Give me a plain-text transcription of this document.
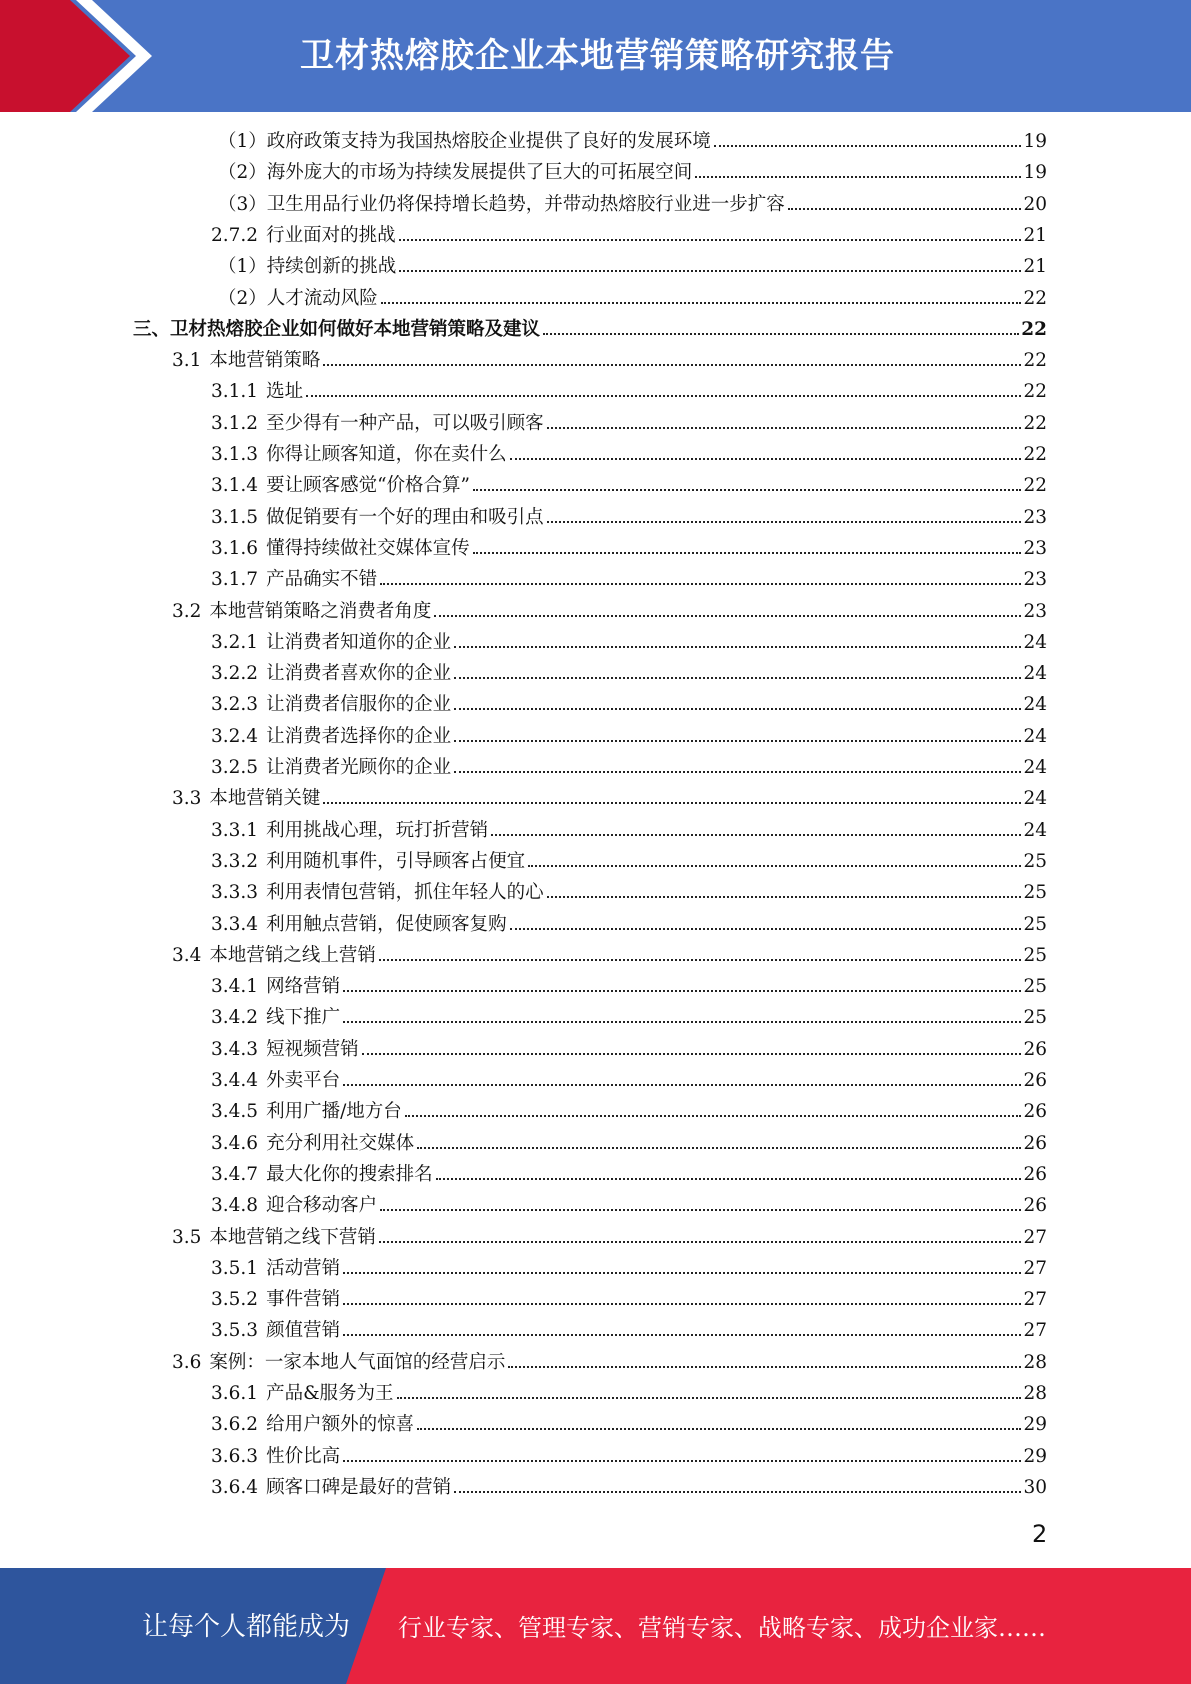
卫材热熔胶企业本地营销策略研究报告
（1）政府政策支持为我国热熔胶企业提供了良好的发展环境	19
（2）海外庞大的市场为持续发展提供了巨大的可拓展空间	19
（3）卫生用品行业仍将保持增长趋势，并带动热熔胶行业进一步扩容	20
2.7.2 行业面对的挑战	21
（1）持续创新的挑战	21
（2）人才流动风险	22
三、卫材热熔胶企业如何做好本地营销策略及建议	22
3.1 本地营销策略	22
3.1.1 选址	22
3.1.2 至少得有一种产品，可以吸引顾客	22
3.1.3 你得让顾客知道，你在卖什么	22
3.1.4 要让顾客感觉“价格合算”	22
3.1.5 做促销要有一个好的理由和吸引点	23
3.1.6 懂得持续做社交媒体宣传	23
3.1.7 产品确实不错	23
3.2 本地营销策略之消费者角度	23
3.2.1 让消费者知道你的企业	24
3.2.2 让消费者喜欢你的企业	24
3.2.3 让消费者信服你的企业	24
3.2.4 让消费者选择你的企业	24
3.2.5 让消费者光顾你的企业	24
3.3 本地营销关键	24
3.3.1 利用挑战心理，玩打折营销	24
3.3.2 利用随机事件，引导顾客占便宜	25
3.3.3 利用表情包营销，抓住年轻人的心	25
3.3.4 利用触点营销，促使顾客复购	25
3.4 本地营销之线上营销	25
3.4.1 网络营销	25
3.4.2 线下推广	25
3.4.3 短视频营销	26
3.4.4 外卖平台	26
3.4.5 利用广播/地方台	26
3.4.6 充分利用社交媒体	26
3.4.7 最大化你的搜索排名	26
3.4.8 迎合移动客户	26
3.5 本地营销之线下营销	27
3.5.1 活动营销	27
3.5.2 事件营销	27
3.5.3 颜值营销	27
3.6 案例：一家本地人气面馆的经营启示	28
3.6.1 产品&服务为王	28
3.6.2 给用户额外的惊喜	29
3.6.3 性价比高	29
3.6.4 顾客口碑是最好的营销	30
2
让每个人都能成为 行业专家、管理专家、营销专家、战略专家、成功企业家……
